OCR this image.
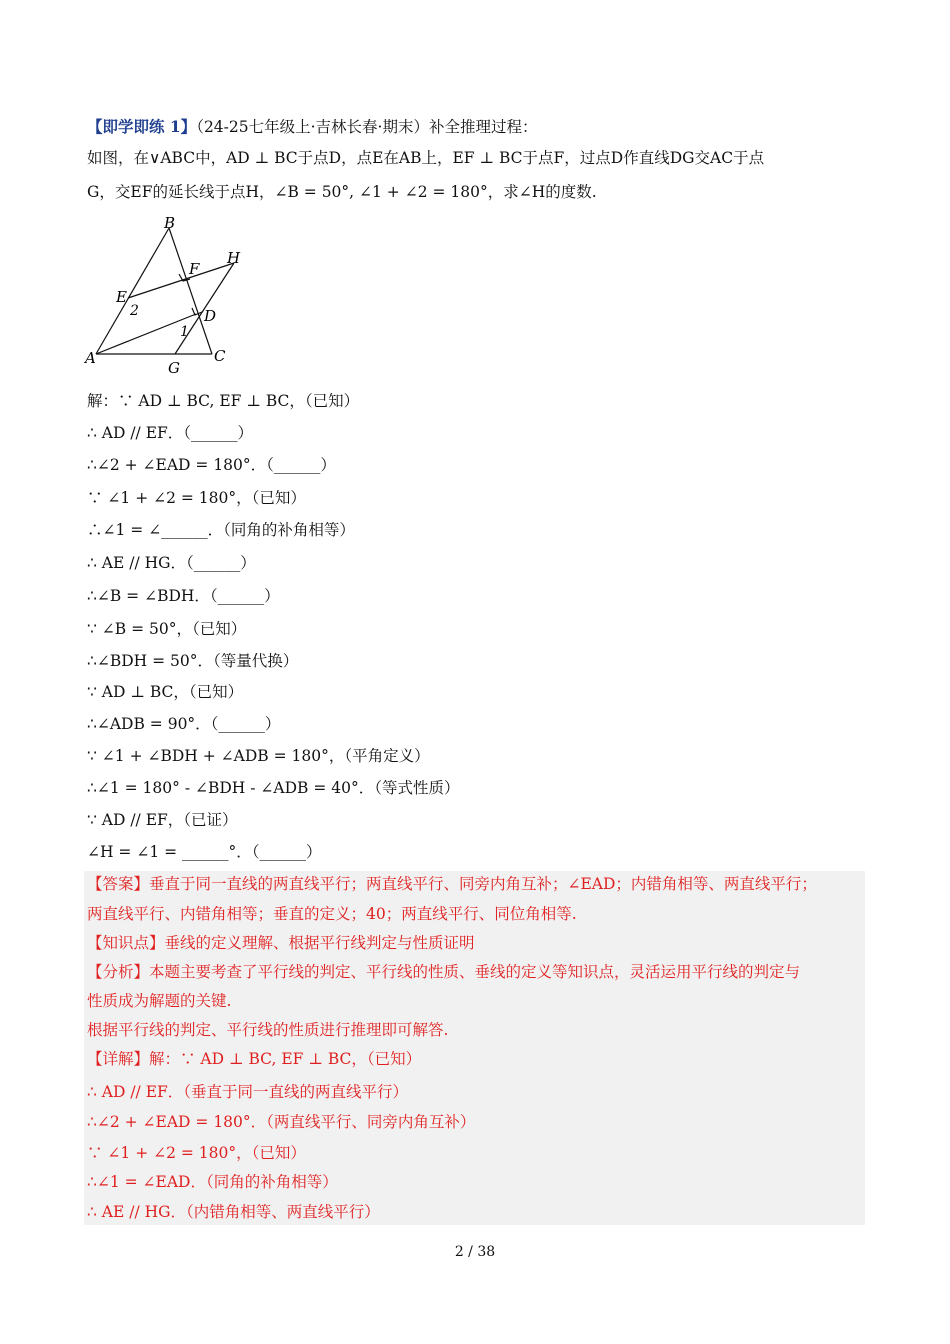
【即学即练 1】（24-25七年级上·吉林长春·期末）补全推理过程：
如图，在∨ABC中，AD ⊥ BC于点D，点E在AB上，EF ⊥ BC于点F，过点D作直线DG交AC于点
G，交EF的延长线于点H，∠B = 50°, ∠1 + ∠2 = 180°，求∠H的度数.
B
H
F
E
2
1
D
A	C
G
解：∵ AD ⊥ BC, EF ⊥ BC，（已知）
∴ AD // EF．（______）
∴∠2 + ∠EAD = 180°．（______）
∵ ∠1 + ∠2 = 180°，（已知）
∴∠1 = ∠______．（同角的补角相等）
∴ AE // HG．（______）
∴∠B = ∠BDH．（______）
∵ ∠B = 50°，（已知）
∴∠BDH = 50°．（等量代换）
∵ AD ⊥ BC，（已知）
∴∠ADB = 90°．（______）
∵ ∠1 + ∠BDH + ∠ADB = 180°，（平角定义）
∴∠1 = 180° - ∠BDH - ∠ADB = 40°．（等式性质）
∵ AD // EF，（已证）
∠H = ∠1 = ______°．（______）
【答案】垂直于同一直线的两直线平行；两直线平行、同旁内角互补；∠EAD；内错角相等、两直线平行；
两直线平行、内错角相等；垂直的定义；40；两直线平行、同位角相等.
【知识点】垂线的定义理解、根据平行线判定与性质证明
【分析】本题主要考查了平行线的判定、平行线的性质、垂线的定义等知识点，灵活运用平行线的判定与
性质成为解题的关键.
根据平行线的判定、平行线的性质进行推理即可解答.
【详解】解：∵ AD ⊥ BC, EF ⊥ BC，（已知）
∴ AD // EF．（垂直于同一直线的两直线平行）
∴∠2 + ∠EAD = 180°．（两直线平行、同旁内角互补）
∵ ∠1 + ∠2 = 180°，（已知）
∴∠1 = ∠EAD．（同角的补角相等）
∴ AE // HG．（内错角相等、两直线平行）
2 / 38
